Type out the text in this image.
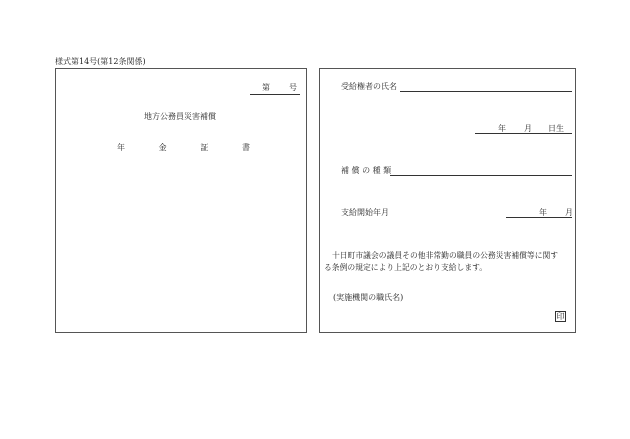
様式第14号(第12条関係)
第 号
地方公務員災害補償
年	金	証	書
受給権者の氏名
年 月 日生
補 償 の 種 類
支給開始年月	年 月
十日町市議会の議員その他非常勤の職員の公務災害補償等に関す
る条例の規定により上記のとおり支給します。
(実施機関の職氏名)
印
